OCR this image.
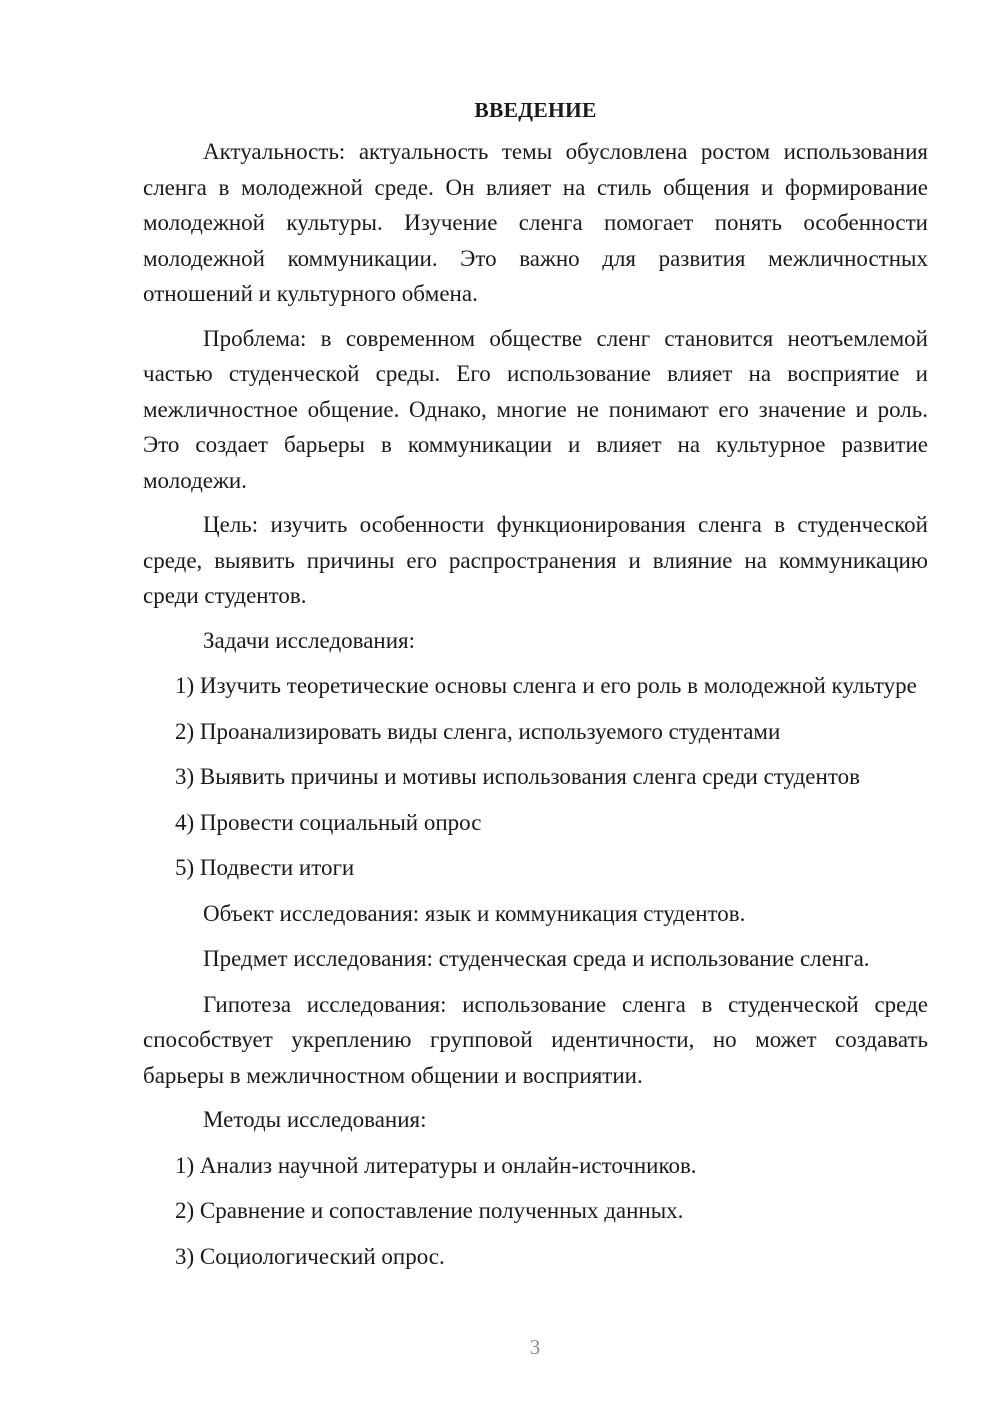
ВВЕДЕНИЕ

Актуальность: актуальность темы обусловлена ростом использования сленга в молодежной среде. Он влияет на стиль общения и формирование молодежной культуры. Изучение сленга помогает понять особенности молодежной коммуникации. Это важно для развития межличностных отношений и культурного обмена.

Проблема: в современном обществе сленг становится неотъемлемой частью студенческой среды. Его использование влияет на восприятие и межличностное общение. Однако, многие не понимают его значение и роль. Это создает барьеры в коммуникации и влияет на культурное развитие молодежи.

Цель: изучить особенности функционирования сленга в студенческой среде, выявить причины его распространения и влияние на коммуникацию среди студентов.

Задачи исследования:

1) Изучить теоретические основы сленга и его роль в молодежной культуре

2) Проанализировать виды сленга, используемого студентами

3) Выявить причины и мотивы использования сленга среди студентов

4) Провести социальный опрос

5) Подвести итоги

Объект исследования: язык и коммуникация студентов.

Предмет исследования: студенческая среда и использование сленга.

Гипотеза исследования: использование сленга в студенческой среде способствует укреплению групповой идентичности, но может создавать барьеры в межличностном общении и восприятии.

Методы исследования:

1) Анализ научной литературы и онлайн-источников.

2) Сравнение и сопоставление полученных данных.

3) Социологический опрос.

3
